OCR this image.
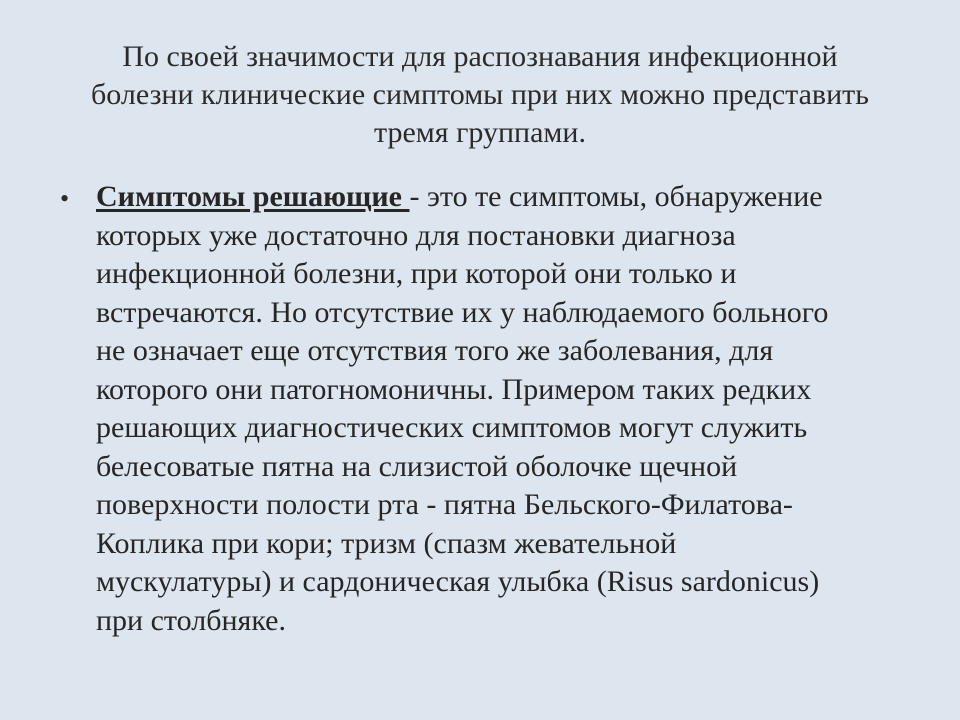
По своей значимости для распознавания инфекционной
болезни клинические симптомы при них можно представить
тремя группами.
• Симптомы решающие - это те симптомы, обнаружение
которых уже достаточно для постановки диагноза
инфекционной болезни, при которой они только и
встречаются. Но отсутствие их у наблюдаемого больного
не означает еще отсутствия того же заболевания, для
которого они патогномоничны. Примером таких редких
решающих диагностических симптомов могут служить
белесоватые пятна на слизистой оболочке щечной
поверхности полости рта - пятна Бельского-Филатова-
Коплика при кори; тризм (спазм жевательной
мускулатуры) и сардоническая улыбка (Risus sardonicus)
при столбняке.
